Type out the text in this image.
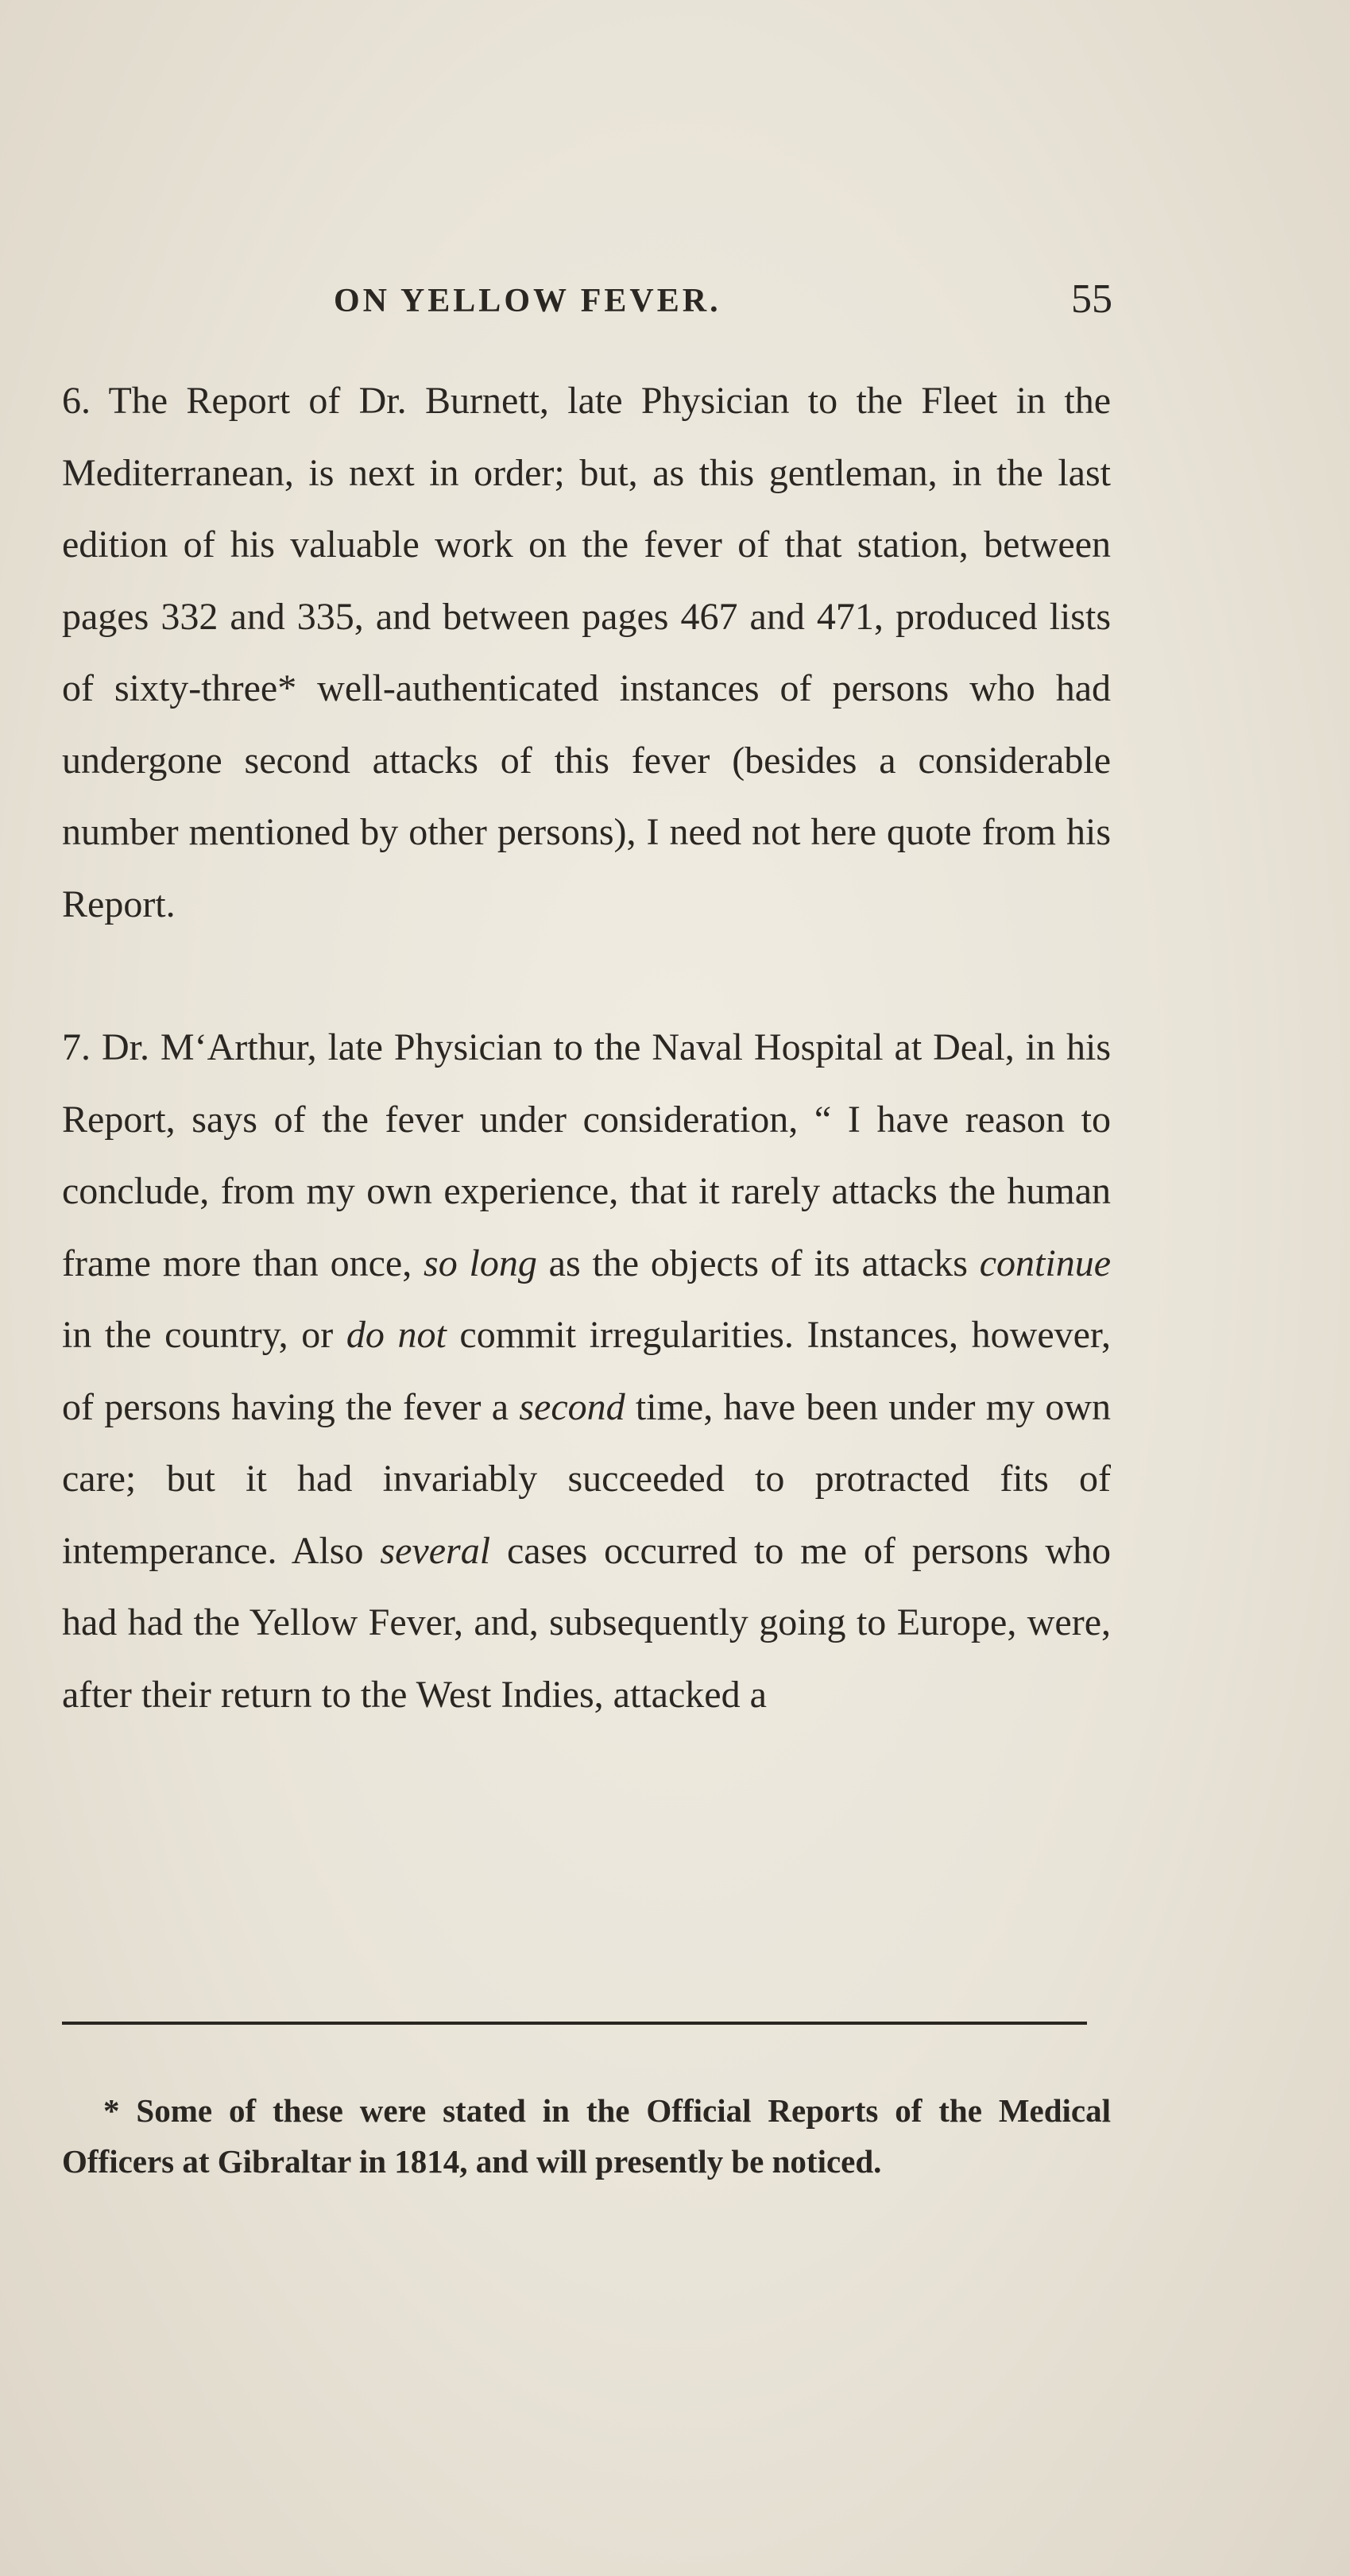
ON YELLOW FEVER.	55

6. The Report of Dr. Burnett, late Physician to the Fleet in the Mediterranean, is next in order; but, as this gentleman, in the last edition of his valuable work on the fever of that station, between pages 332 and 335, and between pages 467 and 471, produced lists of sixty-three* well-authenticated instances of persons who had undergone second attacks of this fever (besides a considerable number mentioned by other persons), I need not here quote from his Report.

7. Dr. M‘Arthur, late Physician to the Naval Hospital at Deal, in his Report, says of the fever under consideration, “ I have reason to conclude, from my own experience, that it rarely attacks the human frame more than once, so long as the objects of its attacks continue in the country, or do not commit irregularities. Instances, however, of persons having the fever a second time, have been under my own care; but it had invariably succeeded to protracted fits of intemperance. Also several cases occurred to me of persons who had had the Yellow Fever, and, subsequently going to Europe, were, after their return to the West Indies, attacked a

* Some of these were stated in the Official Reports of the Medical Officers at Gibraltar in 1814, and will presently be noticed.
